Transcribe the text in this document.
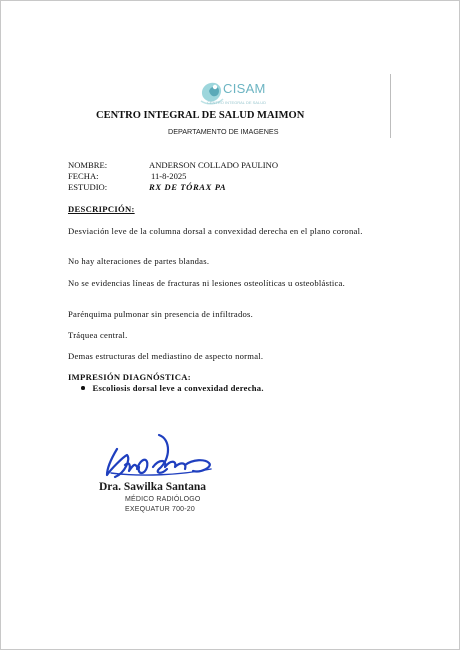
CISAM
CENTRO INTEGRAL DE SALUD
CENTRO INTEGRAL DE SALUD MAIMON
DEPARTAMENTO DE IMAGENES
NOMBRE:	ANDERSON COLLADO PAULINO
FECHA:	11-8-2025
ESTUDIO:	RX DE TÓRAX PA
DESCRIPCIÓN:
Desviación leve de la columna dorsal a convexidad derecha en el plano coronal.
No hay alteraciones de partes blandas.
No se evidencias líneas de fracturas ni lesiones osteolíticas u osteoblástica.
Parénquima pulmonar sin presencia de infiltrados.
Tráquea central.
Demas estructuras del mediastino de aspecto normal.
IMPRESIÓN DIAGNÓSTICA:
Escoliosis dorsal leve a convexidad derecha.
Dra. Sawilka Santana
MÉDICO RADIÓLOGO
EXEQUATUR 700-20
